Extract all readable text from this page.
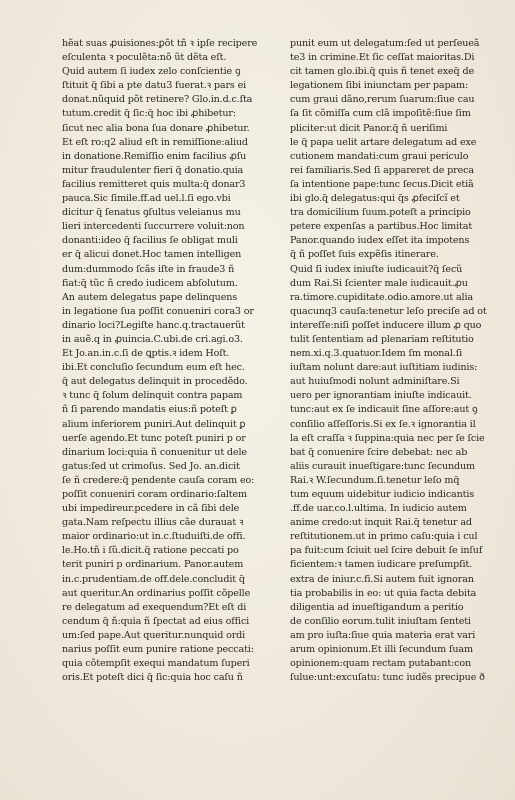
hẽat suas ꝓuisiones:ꝑõt tñ ꝛ ipſe recipere
eſculenta ꝛ poculẽta:nõ ũt dẽta eſt.
Quid autem ſi iudex zelo conſcientie ꝯ
ſtituit q̃ ſibi a pte datu3 fuerat.ꝛ pars ei
donat.nũquid põt retinere? Glo.in.d.c.ſta
tutum.credit q̃ ſic:q̃ hoc ibi ꝓhibetur:
ſicut nec alia bona ſua donare ꝓhibetur.
Et eſt ro:q2 aliud eſt in remiſſione:aliud
in donatione.Remiſſio enim facilius ꝓſu
mitur fraudulenter fieri q̃ donatio.quia
facilius remitteret quis multa:q̃ donar3
pauca.Sic ſimile.ff.ad uel.l.ſi ego.vbi
dicitur q̃ ſenatus ꝯſultus veleianus mu
lieri intercedenti ſuccurrere voluit:non
donanti:ideo q̃ facilius ſe obligat muli
er q̃ alicui donet.Hoc tamen intelligen
dum:dummodo ſcãs iſte in fraude3 ñ
fiat:q̃ tũc ñ credo iudicem abſolutum.
An autem delegatus pape delinquens
in legatione ſua poſſit conueniri cora3 or
dinario loci?Legiſte hanc.q.tractauerũt
in auẽ.q in ꝓuincia.C.ubi.de cri.agi.o3.
Et Jo.an.in.c.ſi de ꝗptis.ꝛ idem Hoſt.
ibi.Et concluſio ſecundum eum eſt hec.
q̃ aut delegatus delinquit in procedẽdo.
ꝛ tunc q̃ ſolum delinquit contra papam
ñ ſi parendo mandatis eius:ñ poteſt ꝑ
alium inferiorem puniri.Aut delinquit ꝑ
uerſe agendo.Et tunc poteſt puniri p or
dinarium loci:quia ñ conuenitur ut dele
gatus:ſed ut crimoſus. Sed Jo. an.dicit
ſe ñ credere:q̃ pendente cauſa coram eo:
poſſit conueniri coram ordinario:ſaltem
ubi impedireur.pcedere in cã ſibi dele
gata.Nam reſpectu illius cãe durauat ꝛ
maior ordinario:ut in.c.ſtuduiſti.de offi.
le.Ho.tñ i ſũ.dicit.q̃ ratione peccati po
terit puniri p ordinarium. Panor.autem
in.c.prudentiam.de off.dele.concludit q̃
aut queritur.An ordinarius poſſit cõpelle
re delegatum ad exequendum?Et eſt di
cendum q̃ ñ:quia ñ ſpectat ad eius offici
um:ſed pape.Aut queritur.nunquid ordi
narius poſſit eum punire ratione peccati:
quia cõtempſit exequi mandatum ſuperi
oris.Et poteſt dici q̃ ſic:quia hoc caſu ñ
punit eum ut delegatum:ſed ut perſeueã
te3 in crimine.Et ſic ceſſat maioritas.Di
cit tamen glo.ibi.q̃ quis ñ tenet exeq̃ de
legationem ſibi iniunctam per papam:
cum graui dãno,rerum ſuarum:ſiue cau
ſa ſit cõmiſſa cum clã impoſitẽ:ſiue ſim
pliciter:ut dicit Panor.q̃ ñ ueriſimi
le q̃ papa uelit artare delegatum ad exe
cutionem mandati:cum graui periculo
rei familiaris.Sed ſi appareret de preca
ſa intentione pape:tunc ſecus.Dicit etiã
ibi glo.q̃ delegatus:qui q̃s ꝓfeciſcĩ et
tra domicilium ſuum.poteſt a principio
petere expenſas a partibus.Hoc limitat
Panor.quando iudex eſſet ita impotens
q̃ ñ poſſet ſuis expẽſis itinerare.
Quid ſi iudex iniuſte iudicauit?q̃ ſecũ
dum Rai.Si ſcienter male iudicauit.ꝓu
ra.timore.cupiditate.odio.amore.ut alia
quacunq3 cauſa:tenetur leſo preciſe ad ot
intereſſe:niſi poſſet inducere illum ꝓ quo
tulit ſententiam ad plenariam reſtitutio
nem.xi.q.3.quatuor.Idem ſm monal.ſi
iuſtam nolunt dare:aut iuſtitiam iudinis:
aut huiuſmodi nolunt adminiſtare.Si
uero per ignorantiam iniuſte indicauit.
tunc:aut ex ſe indicauit ſine aſſore:aut ꝯ
conſilio aſſeſſoris.Si ex ſe.ꝛ ignorantia il
la eſt craſſa ꝛ ſuppina:quia nec per ſe ſcie
bat q̃ conuenire ſcire debebat: nec ab
aliis curauit inueſtigare:tunc ſecundum
Rai.ꝛ W.ſecundum.ſi.tenetur leſo mq̃
tum equum uidebitur iudicio indicantis
.ff.de uar.co.l.ultima. In iudicio autem
anime credo:ut inquit Rai.q̃ tenetur ad
reſtitutionem.ut in primo caſu:quia i cul
pa fuit:cum ſciuit uel ſcire debuit ſe inſuf
ficientem:ꝛ tamen iudicare preſumpſit.
extra de iniur.c.fi.Si autem fuit ignoran
tia probabilis in eo: ut quia facta debita
diligentia ad inueſtigandum a peritio
de conſilio eorum.tulit iniuſtam ſenteti
am pro iuſta:ſiue quia materia erat vari
arum opinionum.Et illi ſecundum ſuam
opinionem:quam rectam putabant:con
ſulue:unt:excuſatu: tunc iudẽs precipue ð
